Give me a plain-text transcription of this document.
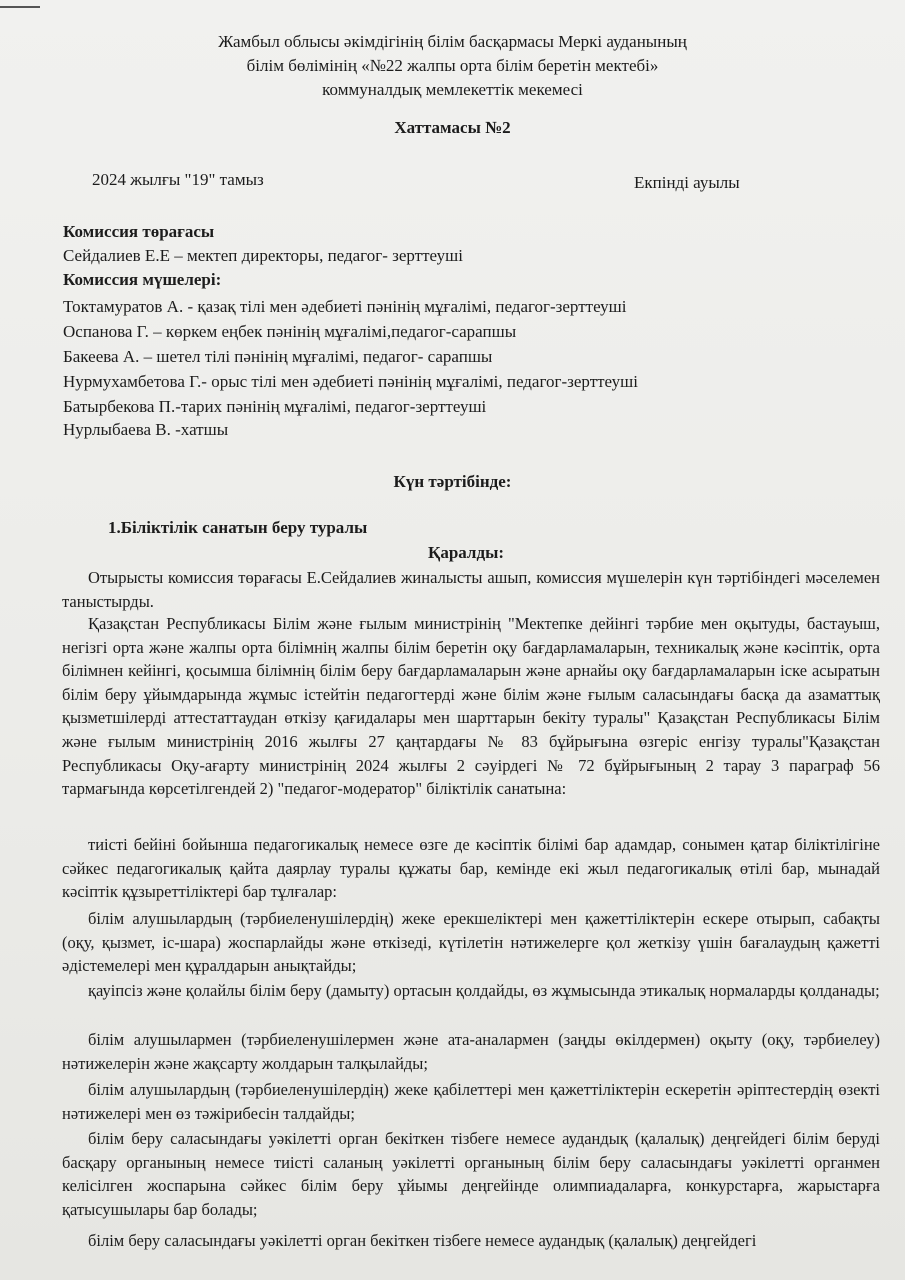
Жамбыл облысы әкімдігінің білім басқармасы Меркі ауданының
білім бөлімінің «№22 жалпы орта білім беретін мектебі»
коммуналдық мемлекеттік мекемесі
Хаттамасы №2
2024 жылғы "19" тамыз	Екпінді ауылы
Комиссия төрағасы
Сейдалиев Е.Е – мектеп директоры, педагог- зерттеуші
Комиссия мүшелері:
Токтамуратов А. - қазақ тілі мен әдебиеті пәнінің мұғалімі, педагог-зерттеуші
Оспанова Г. – көркем еңбек пәнінің мұғалімі,педагог-сарапшы
Бакеева А. – шетел тілі пәнінің мұғалімі, педагог- сарапшы
Нурмухамбетова Г.- орыс тілі мен әдебиеті пәнінің мұғалімі, педагог-зерттеуші
Батырбекова П.-тарих пәнінің мұғалімі, педагог-зерттеуші
Нурлыбаева В. -хатшы
Күн тәртібінде:
1.Біліктілік санатын беру туралы
Қаралды:
Отырысты комиссия төрағасы Е.Сейдалиев жиналысты ашып, комиссия мүшелерін күн тәртібіндегі мәселемен таныстырды.
Қазақстан Республикасы Білім және ғылым министрінің "Мектепке дейінгі тәрбие мен оқытуды, бастауыш, негізгі орта және жалпы орта білімнің жалпы білім беретін оқу бағдарламаларын, техникалық және кәсіптік, орта білімнен кейінгі, қосымша білімнің білім беру бағдарламаларын және арнайы оқу бағдарламаларын іске асыратын білім беру ұйымдарында жұмыс істейтін педагогтерді және білім және ғылым саласындағы басқа да азаматтық қызметшілерді аттестаттаудан өткізу қағидалары мен шарттарын бекіту туралы" Қазақстан Республикасы Білім және ғылым министрінің 2016 жылғы 27 қаңтардағы № 83 бұйрығына өзгеріс енгізу туралы"Қазақстан Республикасы Оқу-ағарту министрінің 2024 жылғы 2 сәуірдегі № 72 бұйрығының 2 тарау 3 параграф 56 тармағында көрсетілгендей 2) "педагог-модератор" біліктілік санатына:
тиісті бейіні бойынша педагогикалық немесе өзге де кәсіптік білімі бар адамдар, сонымен қатар біліктілігіне сәйкес педагогикалық қайта даярлау туралы құжаты бар, кемінде екі жыл педагогикалық өтілі бар, мынадай кәсіптік құзыреттіліктері бар тұлғалар:
білім алушылардың (тәрбиеленушілердің) жеке ерекшеліктері мен қажеттіліктерін ескере отырып, сабақты (оқу, қызмет, іс-шара) жоспарлайды және өткізеді, күтілетін нәтижелерге қол жеткізу үшін бағалаудың қажетті әдістемелері мен құралдарын анықтайды;
қауіпсіз және қолайлы білім беру (дамыту) ортасын қолдайды, өз жұмысында этикалық нормаларды қолданады;
білім алушылармен (тәрбиеленушілермен және ата-аналармен (заңды өкілдермен) оқыту (оқу, тәрбиелеу) нәтижелерін және жақсарту жолдарын талқылайды;
білім алушылардың (тәрбиеленушілердің) жеке қабілеттері мен қажеттіліктерін ескеретін әріптестердің өзекті нәтижелері мен өз тәжірибесін талдайды;
білім беру саласындағы уәкілетті орган бекіткен тізбеге немесе аудандық (қалалық) деңгейдегі білім беруді басқару органының немесе тиісті саланың уәкілетті органының білім беру саласындағы уәкілетті органмен келісілген жоспарына сәйкес білім беру ұйымы деңгейінде олимпиадаларға, конкурстарға, жарыстарға қатысушылары бар болады;
білім беру саласындағы уәкілетті орган бекіткен тізбеге немесе аудандық (қалалық) деңгейдегі
